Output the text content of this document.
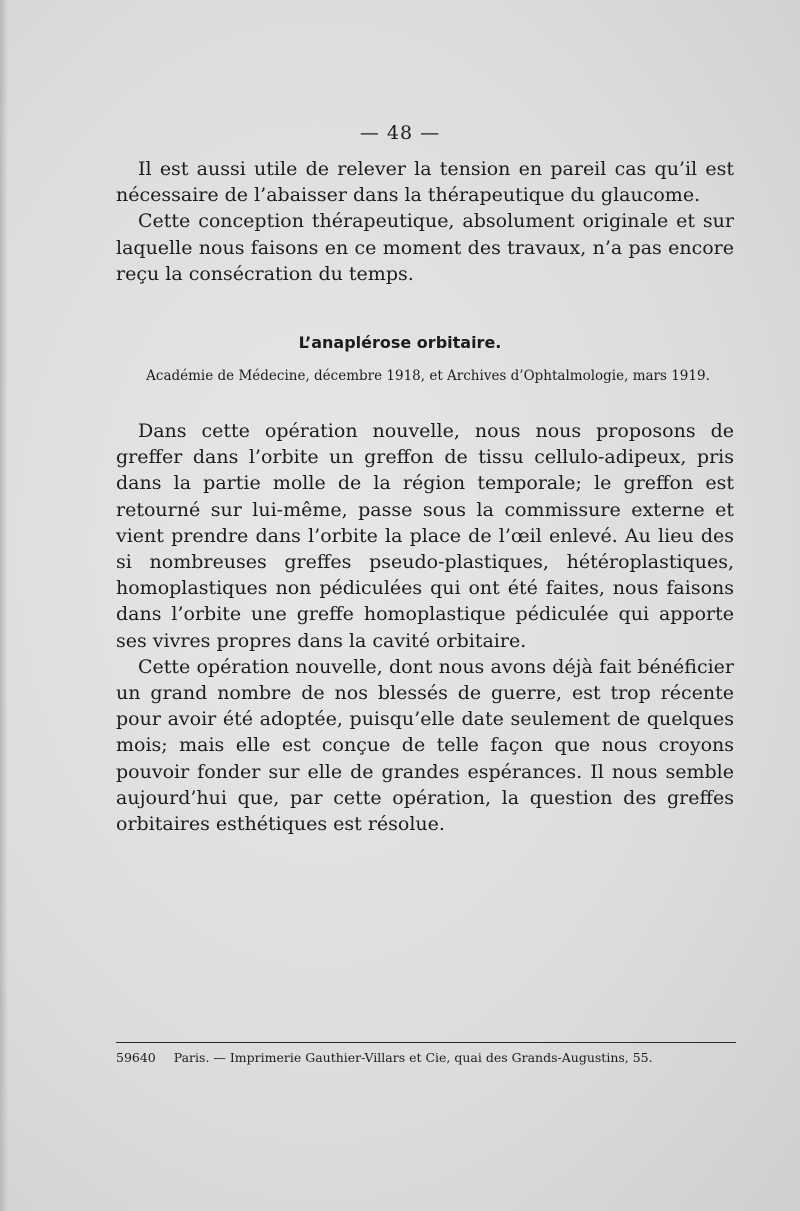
— 48 —

Il est aussi utile de relever la tension en pareil cas qu’il est nécessaire de l’abaisser dans la thérapeutique du glaucome.

Cette conception thérapeutique, absolument originale et sur laquelle nous faisons en ce moment des travaux, n’a pas encore reçu la consécration du temps.

L’anaplérose orbitaire.
Académie de Médecine, décembre 1918, et Archives d’Ophtalmologie, mars 1919.

Dans cette opération nouvelle, nous nous proposons de greffer dans l’orbite un greffon de tissu cellulo-adipeux, pris dans la partie molle de la région temporale; le greffon est retourné sur lui-même, passe sous la commissure externe et vient prendre dans l’orbite la place de l’œil enlevé. Au lieu des si nombreuses greffes pseudo-plastiques, hétéroplastiques, homoplastiques non pédiculées qui ont été faites, nous faisons dans l’orbite une greffe homoplastique pédiculée qui apporte ses vivres propres dans la cavité orbitaire.

Cette opération nouvelle, dont nous avons déjà fait bénéficier un grand nombre de nos blessés de guerre, est trop récente pour avoir été adoptée, puisqu’elle date seulement de quelques mois; mais elle est conçue de telle façon que nous croyons pouvoir fonder sur elle de grandes espérances. Il nous semble aujourd’hui que, par cette opération, la question des greffes orbitaires esthétiques est résolue.

59640 Paris. — Imprimerie Gauthier-Villars et Cie, quai des Grands-Augustins, 55.
